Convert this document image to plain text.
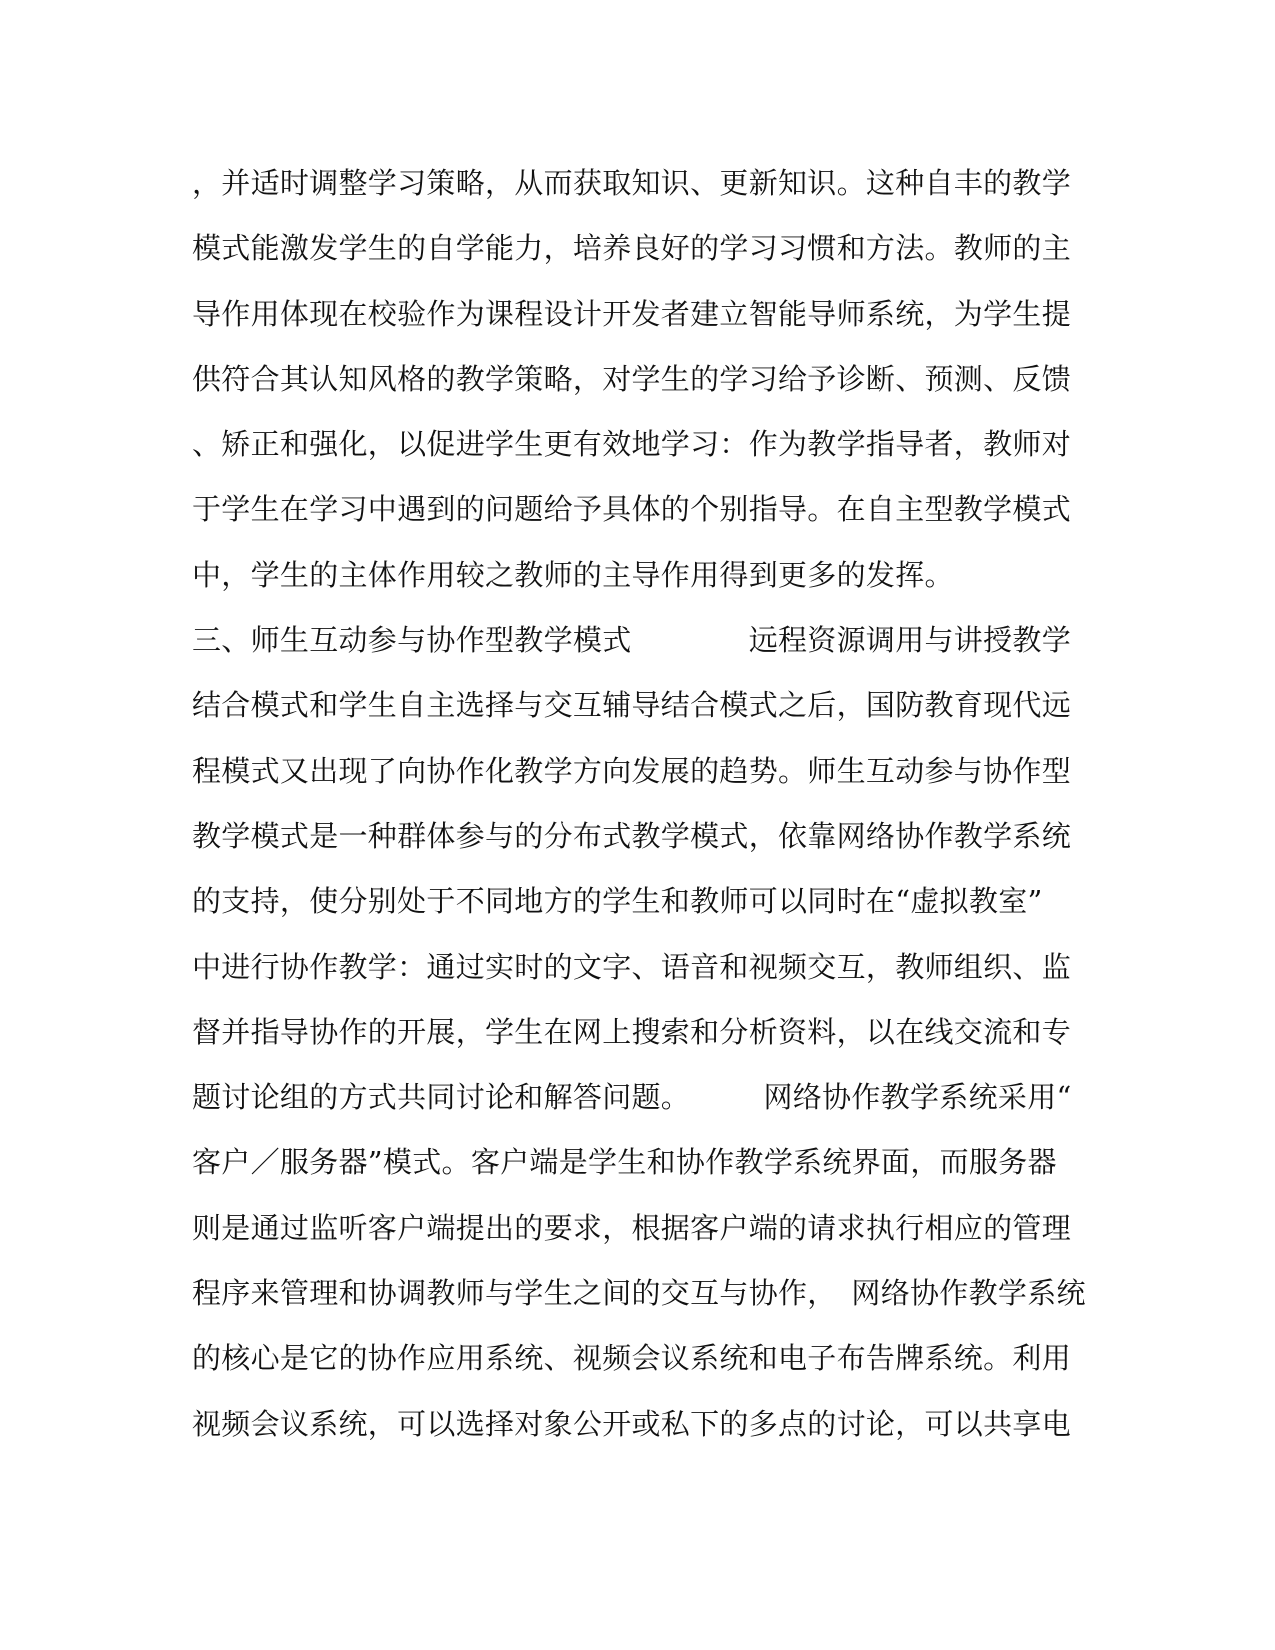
，并适时调整学习策略，从而获取知识、更新知识。这种自丰的教学
模式能激发学生的自学能力，培养良好的学习习惯和方法。教师的主
导作用体现在校验作为课程设计开发者建立智能导师系统，为学生提
供符合其认知风格的教学策略，对学生的学习给予诊断、预测、反馈
、矫正和强化，以促进学生更有效地学习：作为教学指导者，教师对
于学生在学习中遇到的问题给予具体的个别指导。在自主型教学模式
中，学生的主体作用较之教师的主导作用得到更多的发挥。
三、师生互动参与协作型教学模式　　　　远程资源调用与讲授教学
结合模式和学生自主选择与交互辅导结合模式之后，国防教育现代远
程模式又出现了向协作化教学方向发展的趋势。师生互动参与协作型
教学模式是一种群体参与的分布式教学模式，依靠网络协作教学系统
的支持，使分别处于不同地方的学生和教师可以同时在“虚拟教室”
中进行协作教学：通过实时的文字、语音和视频交互，教师组织、监
督并指导协作的开展，学生在网上搜索和分析资料，以在线交流和专
题讨论组的方式共同讨论和解答问题。　　　网络协作教学系统采用“
客户／服务器”模式。客户端是学生和协作教学系统界面，而服务器
则是通过监听客户端提出的要求，根据客户端的请求执行相应的管理
程序来管理和协调教师与学生之间的交互与协作，　网络协作教学系统
的核心是它的协作应用系统、视频会议系统和电子布告牌系统。利用
视频会议系统，可以选择对象公开或私下的多点的讨论，可以共享电
